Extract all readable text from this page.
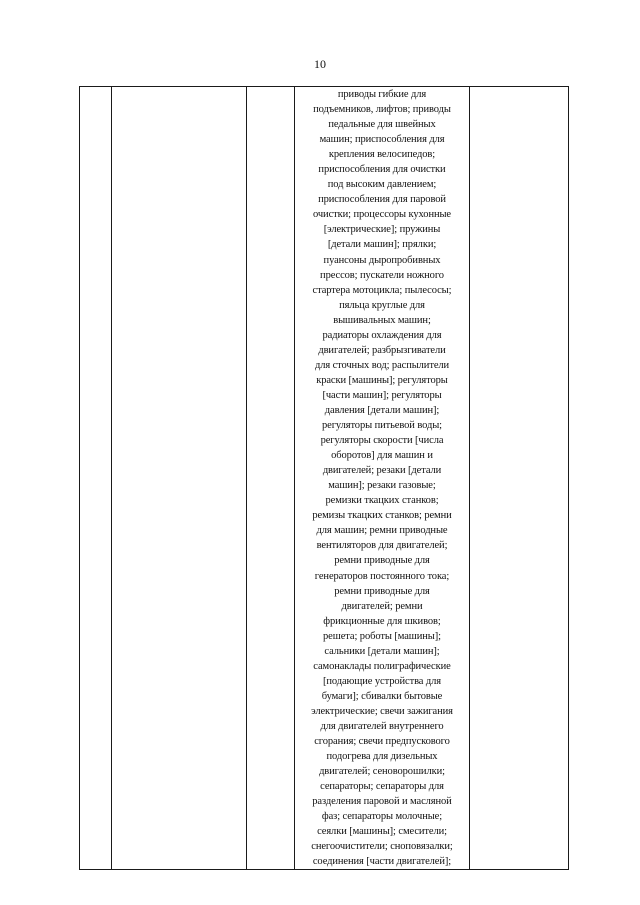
10

приводы гибкие для
подъемников, лифтов; приводы
педальные для швейных
машин; приспособления для
крепления велосипедов;
приспособления для очистки
под высоким давлением;
приспособления для паровой
очистки; процессоры кухонные
[электрические]; пружины
[детали машин]; прялки;
пуансоны дыропробивных
прессов; пускатели ножного
стартера мотоцикла; пылесосы;
пяльца круглые для
вышивальных машин;
радиаторы охлаждения для
двигателей; разбрызгиватели
для сточных вод; распылители
краски [машины]; регуляторы
[части машин]; регуляторы
давления [детали машин];
регуляторы питьевой воды;
регуляторы скорости [числа
оборотов] для машин и
двигателей; резаки [детали
машин]; резаки газовые;
ремизки ткацких станков;
ремизы ткацких станков; ремни
для машин; ремни приводные
вентиляторов для двигателей;
ремни приводные для
генераторов постоянного тока;
ремни приводные для
двигателей; ремни
фрикционные для шкивов;
решета; роботы [машины];
сальники [детали машин];
самонаклады полиграфические
[подающие устройства для
бумаги]; сбивалки бытовые
электрические; свечи зажигания
для двигателей внутреннего
сгорания; свечи предпускового
подогрева для дизельных
двигателей; сеноворошилки;
сепараторы; сепараторы для
разделения паровой и масляной
фаз; сепараторы молочные;
сеялки [машины]; смесители;
снегоочистители; сноповязалки;
соединения [части двигателей];
